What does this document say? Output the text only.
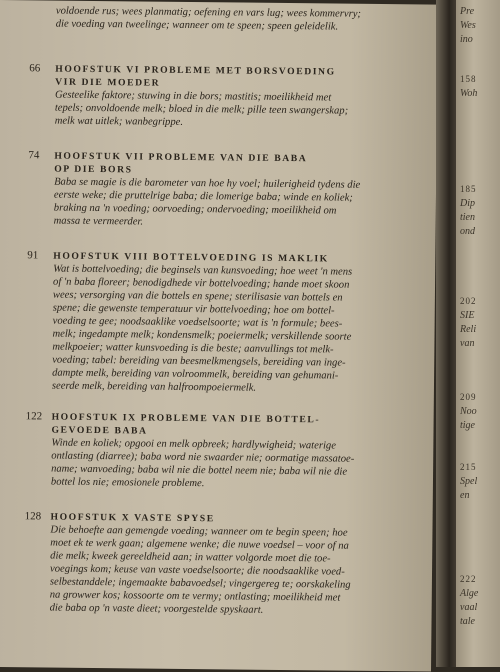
voldoende rus; wees planmatig; oefening en vars lug; wees kommervry;
die voeding van tweelinge; wanneer om te speen; speen geleidelik.
66 HOOFSTUK VI PROBLEME MET BORSVOEDING
VIR DIE MOEDER
Gesteelike faktore; stuwing in die bors; mastitis; moeilikheid met
tepels; onvoldoende melk; bloed in die melk; pille teen swangerskap;
melk wat uitlek; wanbegrippe.
74 HOOFSTUK VII PROBLEME VAN DIE BABA
OP DIE BORS
Baba se magie is die barometer van hoe hy voel; huilerigheid tydens die
eerste weke; die pruttelrige baba; die lomerige baba; winde en koliek;
braking na 'n voeding; oorvoeding; ondervoeding; moeilikheid om
massa te vermeerder.
91 HOOFSTUK VIII BOTTELVOEDING IS MAKLIK
Wat is bottelvoeding; die beginsels van kunsvoeding; hoe weet 'n mens
of 'n baba floreer; benodigdhede vir bottelvoeding; hande moet skoon
wees; versorging van die bottels en spene; sterilisasie van bottels en
spene; die gewenste temperatuur vir bottelvoeding; hoe om bottel-
voeding te gee; noodsaaklike voedselsoorte; wat is 'n formule; bees-
melk; ingedampte melk; kondensmelk; poeiermelk; verskillende soorte
melkpoeier; watter kunsvoeding is die beste; aanvullings tot melk-
voeding; tabel: bereiding van beesmelkmengsels, bereiding van inge-
dampte melk, bereiding van volroommelk, bereiding van gehumani-
seerde melk, bereiding van halfroompoeiermelk.
122 HOOFSTUK IX PROBLEME VAN DIE BOTTEL-
GEVOEDE BABA
Winde en koliek; opgooi en melk opbreek; hardlywigheid; waterige
ontlasting (diarree); baba word nie swaarder nie; oormatige massatoe-
name; wanvoeding; baba wil nie die bottel neem nie; baba wil nie die
bottel los nie; emosionele probleme.
128 HOOFSTUK X VASTE SPYSE
Die behoefte aan gemengde voeding; wanneer om te begin speen; hoe
moet ek te werk gaan; algemene wenke; die nuwe voedsel – voor of na
die melk; kweek gereeldheid aan; in watter volgorde moet die toe-
voegings kom; keuse van vaste voedselsoorte; die noodsaaklike voed-
selbestanddele; ingemaakte babavoedsel; vingergereg te; oorskakeling
na growwer kos; kossoorte om te vermy; ontlasting; moeilikheid met
die baba op 'n vaste dieet; voorgestelde spyskaart.
Pre
Wes
ino
158
Woh
185
Dip
tien
ond
202
SIE
Reli
van
209
Noo
tige
215
Spel
en
222
Alge
vaal
tale
